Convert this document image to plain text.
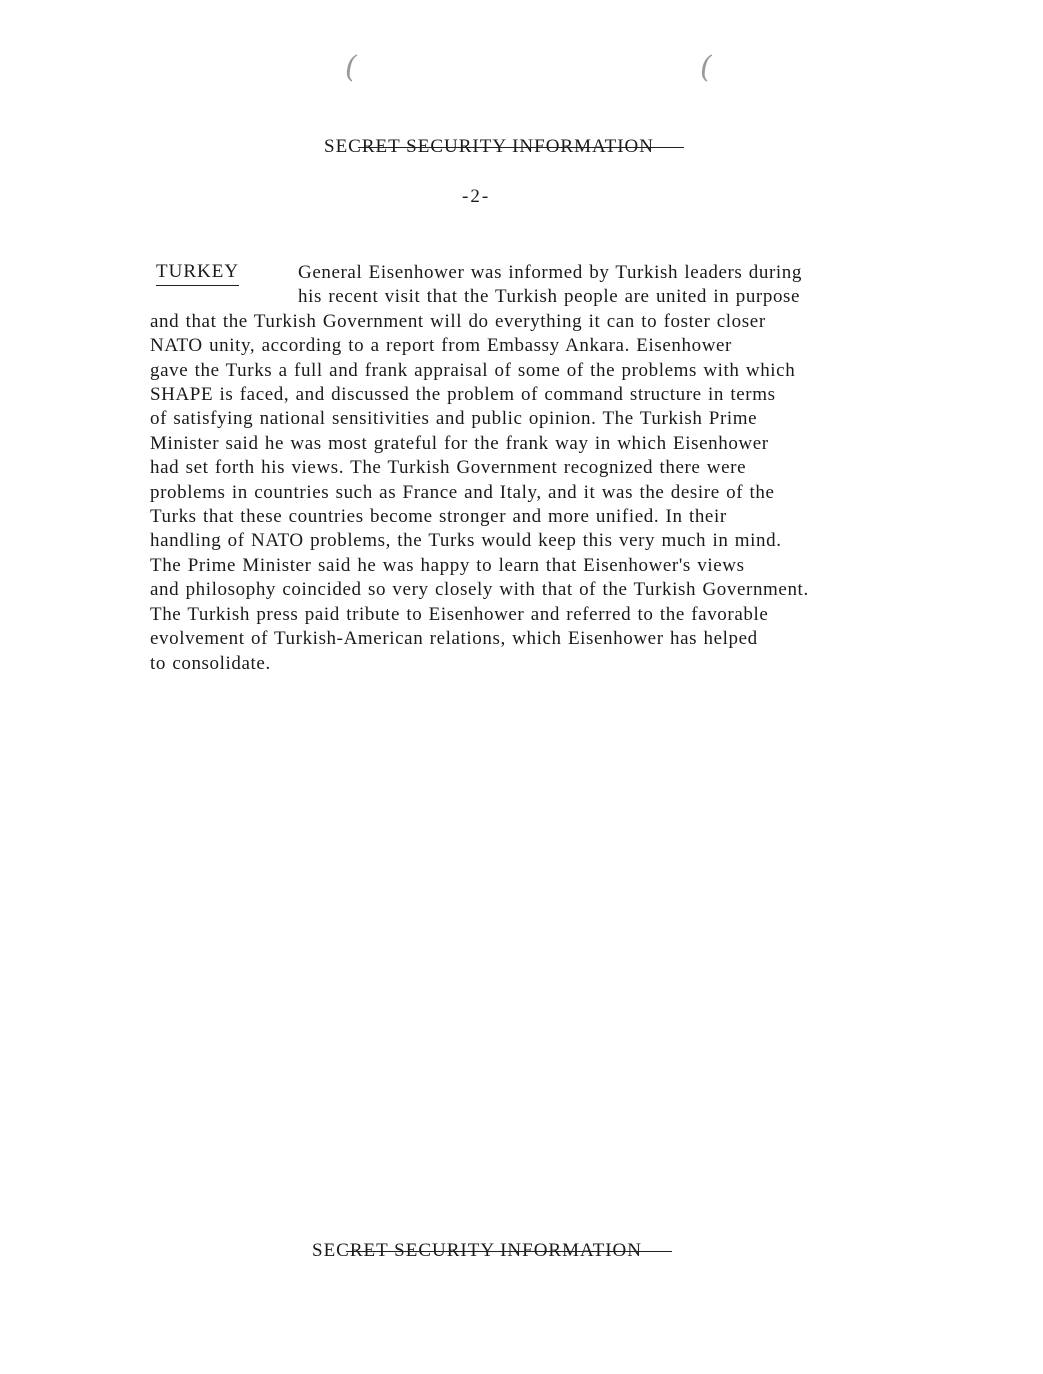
(	(
SECRET SECURITY INFORMATION
-2-
TURKEY	General Eisenhower was informed by Turkish leaders during
his recent visit that the Turkish people are united in purpose
and that the Turkish Government will do everything it can to foster closer
NATO unity, according to a report from Embassy Ankara. Eisenhower
gave the Turks a full and frank appraisal of some of the problems with which
SHAPE is faced, and discussed the problem of command structure in terms
of satisfying national sensitivities and public opinion. The Turkish Prime
Minister said he was most grateful for the frank way in which Eisenhower
had set forth his views. The Turkish Government recognized there were
problems in countries such as France and Italy, and it was the desire of the
Turks that these countries become stronger and more unified. In their
handling of NATO problems, the Turks would keep this very much in mind.
The Prime Minister said he was happy to learn that Eisenhower's views
and philosophy coincided so very closely with that of the Turkish Government.
The Turkish press paid tribute to Eisenhower and referred to the favorable
evolvement of Turkish-American relations, which Eisenhower has helped
to consolidate.
SECRET SECURITY INFORMATION
